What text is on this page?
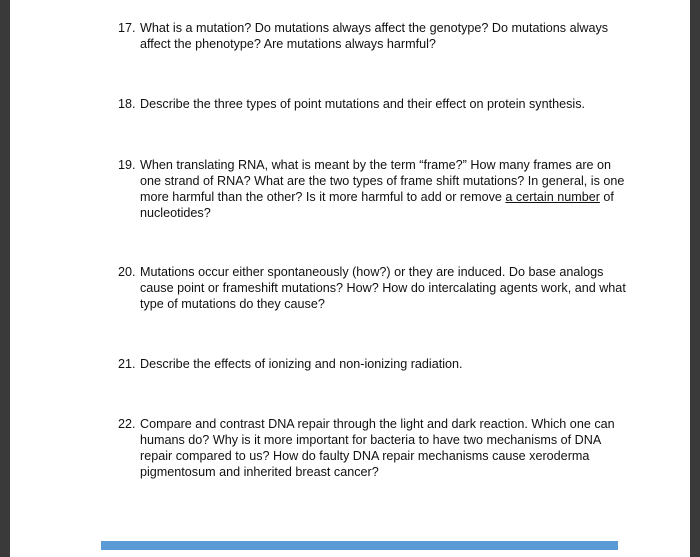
17. What is a mutation? Do mutations always affect the genotype? Do mutations always affect the phenotype? Are mutations always harmful?
18. Describe the three types of point mutations and their effect on protein synthesis.
19. When translating RNA, what is meant by the term “frame?” How many frames are on one strand of RNA? What are the two types of frame shift mutations? In general, is one more harmful than the other? Is it more harmful to add or remove a certain number of nucleotides?
20. Mutations occur either spontaneously (how?) or they are induced. Do base analogs cause point or frameshift mutations? How? How do intercalating agents work, and what type of mutations do they cause?
21. Describe the effects of ionizing and non-ionizing radiation.
22. Compare and contrast DNA repair through the light and dark reaction. Which one can humans do? Why is it more important for bacteria to have two mechanisms of DNA repair compared to us? How do faulty DNA repair mechanisms cause xeroderma pigmentosum and inherited breast cancer?
